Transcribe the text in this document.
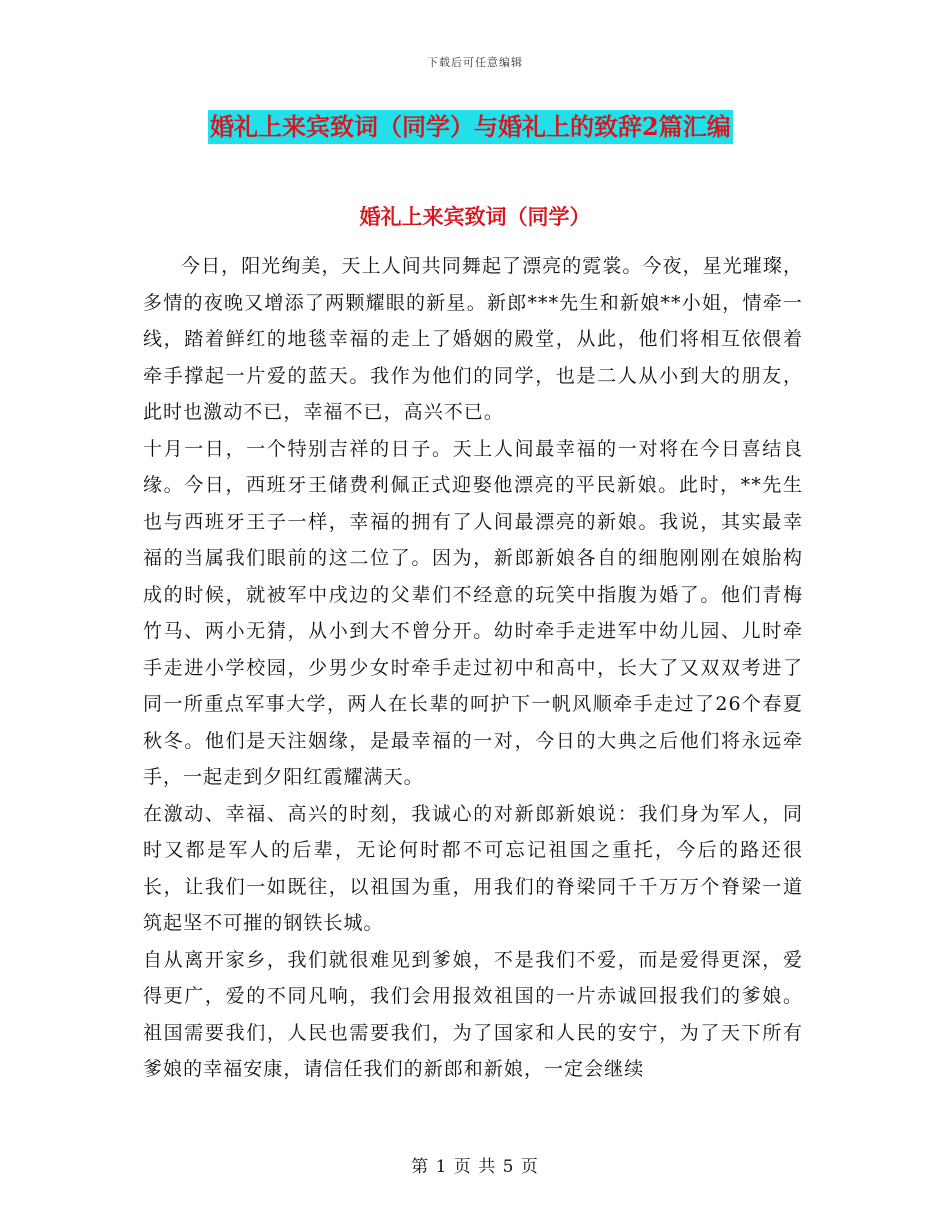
下载后可任意编辑
婚礼上来宾致词（同学）与婚礼上的致辞2篇汇编
婚礼上来宾致词（同学）

今日，阳光绚美，天上人间共同舞起了漂亮的霓裳。今夜，星光璀璨，多情的夜晚又增添了两颗耀眼的新星。新郎***先生和新娘**小姐，情牵一线，踏着鲜红的地毯幸福的走上了婚姻的殿堂，从此，他们将相互依偎着牵手撑起一片爱的蓝天。我作为他们的同学，也是二人从小到大的朋友，此时也激动不已，幸福不已，高兴不已。

十月一日，一个特别吉祥的日子。天上人间最幸福的一对将在今日喜结良缘。今日，西班牙王储费利佩正式迎娶他漂亮的平民新娘。此时，**先生也与西班牙王子一样，幸福的拥有了人间最漂亮的新娘。我说，其实最幸福的当属我们眼前的这二位了。因为，新郎新娘各自的细胞刚刚在娘胎构成的时候，就被军中戌边的父辈们不经意的玩笑中指腹为婚了。他们青梅竹马、两小无猜，从小到大不曾分开。幼时牵手走进军中幼儿园、儿时牵手走进小学校园，少男少女时牵手走过初中和高中，长大了又双双考进了同一所重点军事大学，两人在长辈的呵护下一帆风顺牵手走过了26个春夏秋冬。他们是天注姻缘，是最幸福的一对，今日的大典之后他们将永远牵手，一起走到夕阳红霞耀满天。

在激动、幸福、高兴的时刻，我诚心的对新郎新娘说：我们身为军人，同时又都是军人的后辈，无论何时都不可忘记祖国之重托，今后的路还很长，让我们一如既往，以祖国为重，用我们的脊梁同千千万万个脊梁一道筑起坚不可摧的钢铁长城。

自从离开家乡，我们就很难见到爹娘，不是我们不爱，而是爱得更深，爱得更广，爱的不同凡响，我们会用报效祖国的一片赤诚回报我们的爹娘。祖国需要我们，人民也需要我们，为了国家和人民的安宁，为了天下所有爹娘的幸福安康，请信任我们的新郎和新娘，一定会继续

第 1 页 共 5 页
